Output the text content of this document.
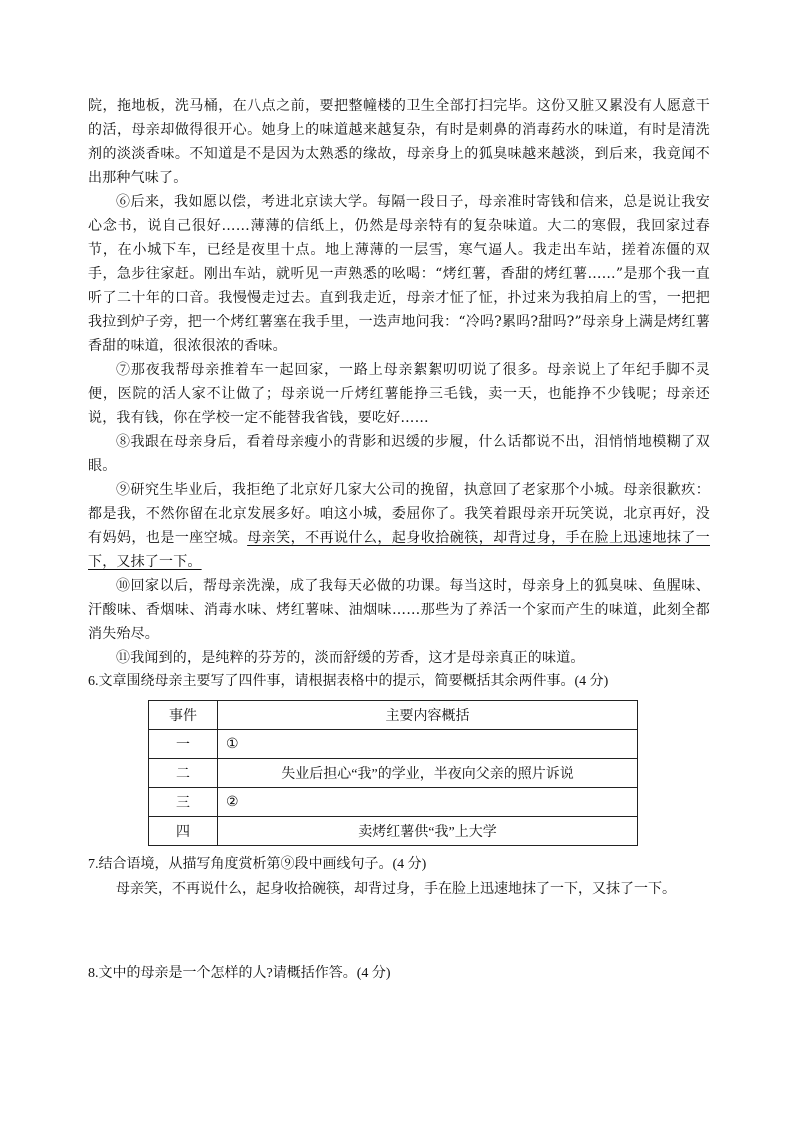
院，拖地板，洗马桶，在八点之前，要把整幢楼的卫生全部打扫完毕。这份又脏又累没有人愿意干的活，母亲却做得很开心。她身上的味道越来越复杂，有时是刺鼻的消毒药水的味道，有时是清洗剂的淡淡香味。不知道是不是因为太熟悉的缘故，母亲身上的狐臭味越来越淡，到后来，我竟闻不出那种气味了。

⑥后来，我如愿以偿，考进北京读大学。每隔一段日子，母亲准时寄钱和信来，总是说让我安心念书，说自己很好……薄薄的信纸上，仍然是母亲特有的复杂味道。大二的寒假，我回家过春节，在小城下车，已经是夜里十点。地上薄薄的一层雪，寒气逼人。我走出车站，搓着冻僵的双手，急步往家赶。刚出车站，就听见一声熟悉的吆喝：“烤红薯，香甜的烤红薯……”是那个我一直听了二十年的口音。我慢慢走过去。直到我走近，母亲才怔了怔，扑过来为我拍肩上的雪，一把把我拉到炉子旁，把一个烤红薯塞在我手里，一迭声地问我：“冷吗?累吗?甜吗?”母亲身上满是烤红薯香甜的味道，很浓很浓的香味。

⑦那夜我帮母亲推着车一起回家，一路上母亲絮絮叨叨说了很多。母亲说上了年纪手脚不灵便，医院的活人家不让做了；母亲说一斤烤红薯能挣三毛钱，卖一天，也能挣不少钱呢；母亲还说，我有钱，你在学校一定不能替我省钱，要吃好……

⑧我跟在母亲身后，看着母亲瘦小的背影和迟缓的步履，什么话都说不出，泪悄悄地模糊了双眼。

⑨研究生毕业后，我拒绝了北京好几家大公司的挽留，执意回了老家那个小城。母亲很歉疚：都是我，不然你留在北京发展多好。咱这小城，委屈你了。我笑着跟母亲开玩笑说，北京再好，没有妈妈，也是一座空城。母亲笑，不再说什么，起身收拾碗筷，却背过身，手在脸上迅速地抹了一下，又抹了一下。

⑩回家以后，帮母亲洗澡，成了我每天必做的功课。每当这时，母亲身上的狐臭味、鱼腥味、汗酸味、香烟味、消毒水味、烤红薯味、油烟味……那些为了养活一个家而产生的味道，此刻全都消失殆尽。

⑪我闻到的，是纯粹的芬芳的，淡而舒缓的芳香，这才是母亲真正的味道。

6.文章围绕母亲主要写了四件事，请根据表格中的提示，简要概括其余两件事。(4 分)

事件	主要内容概括
一	①
二	失业后担心“我”的学业，半夜向父亲的照片诉说
三	②
四	卖烤红薯供“我”上大学

7.结合语境，从描写角度赏析第⑨段中画线句子。(4 分)

母亲笑，不再说什么，起身收拾碗筷，却背过身，手在脸上迅速地抹了一下，又抹了一下。

8.文中的母亲是一个怎样的人?请概括作答。(4 分)
